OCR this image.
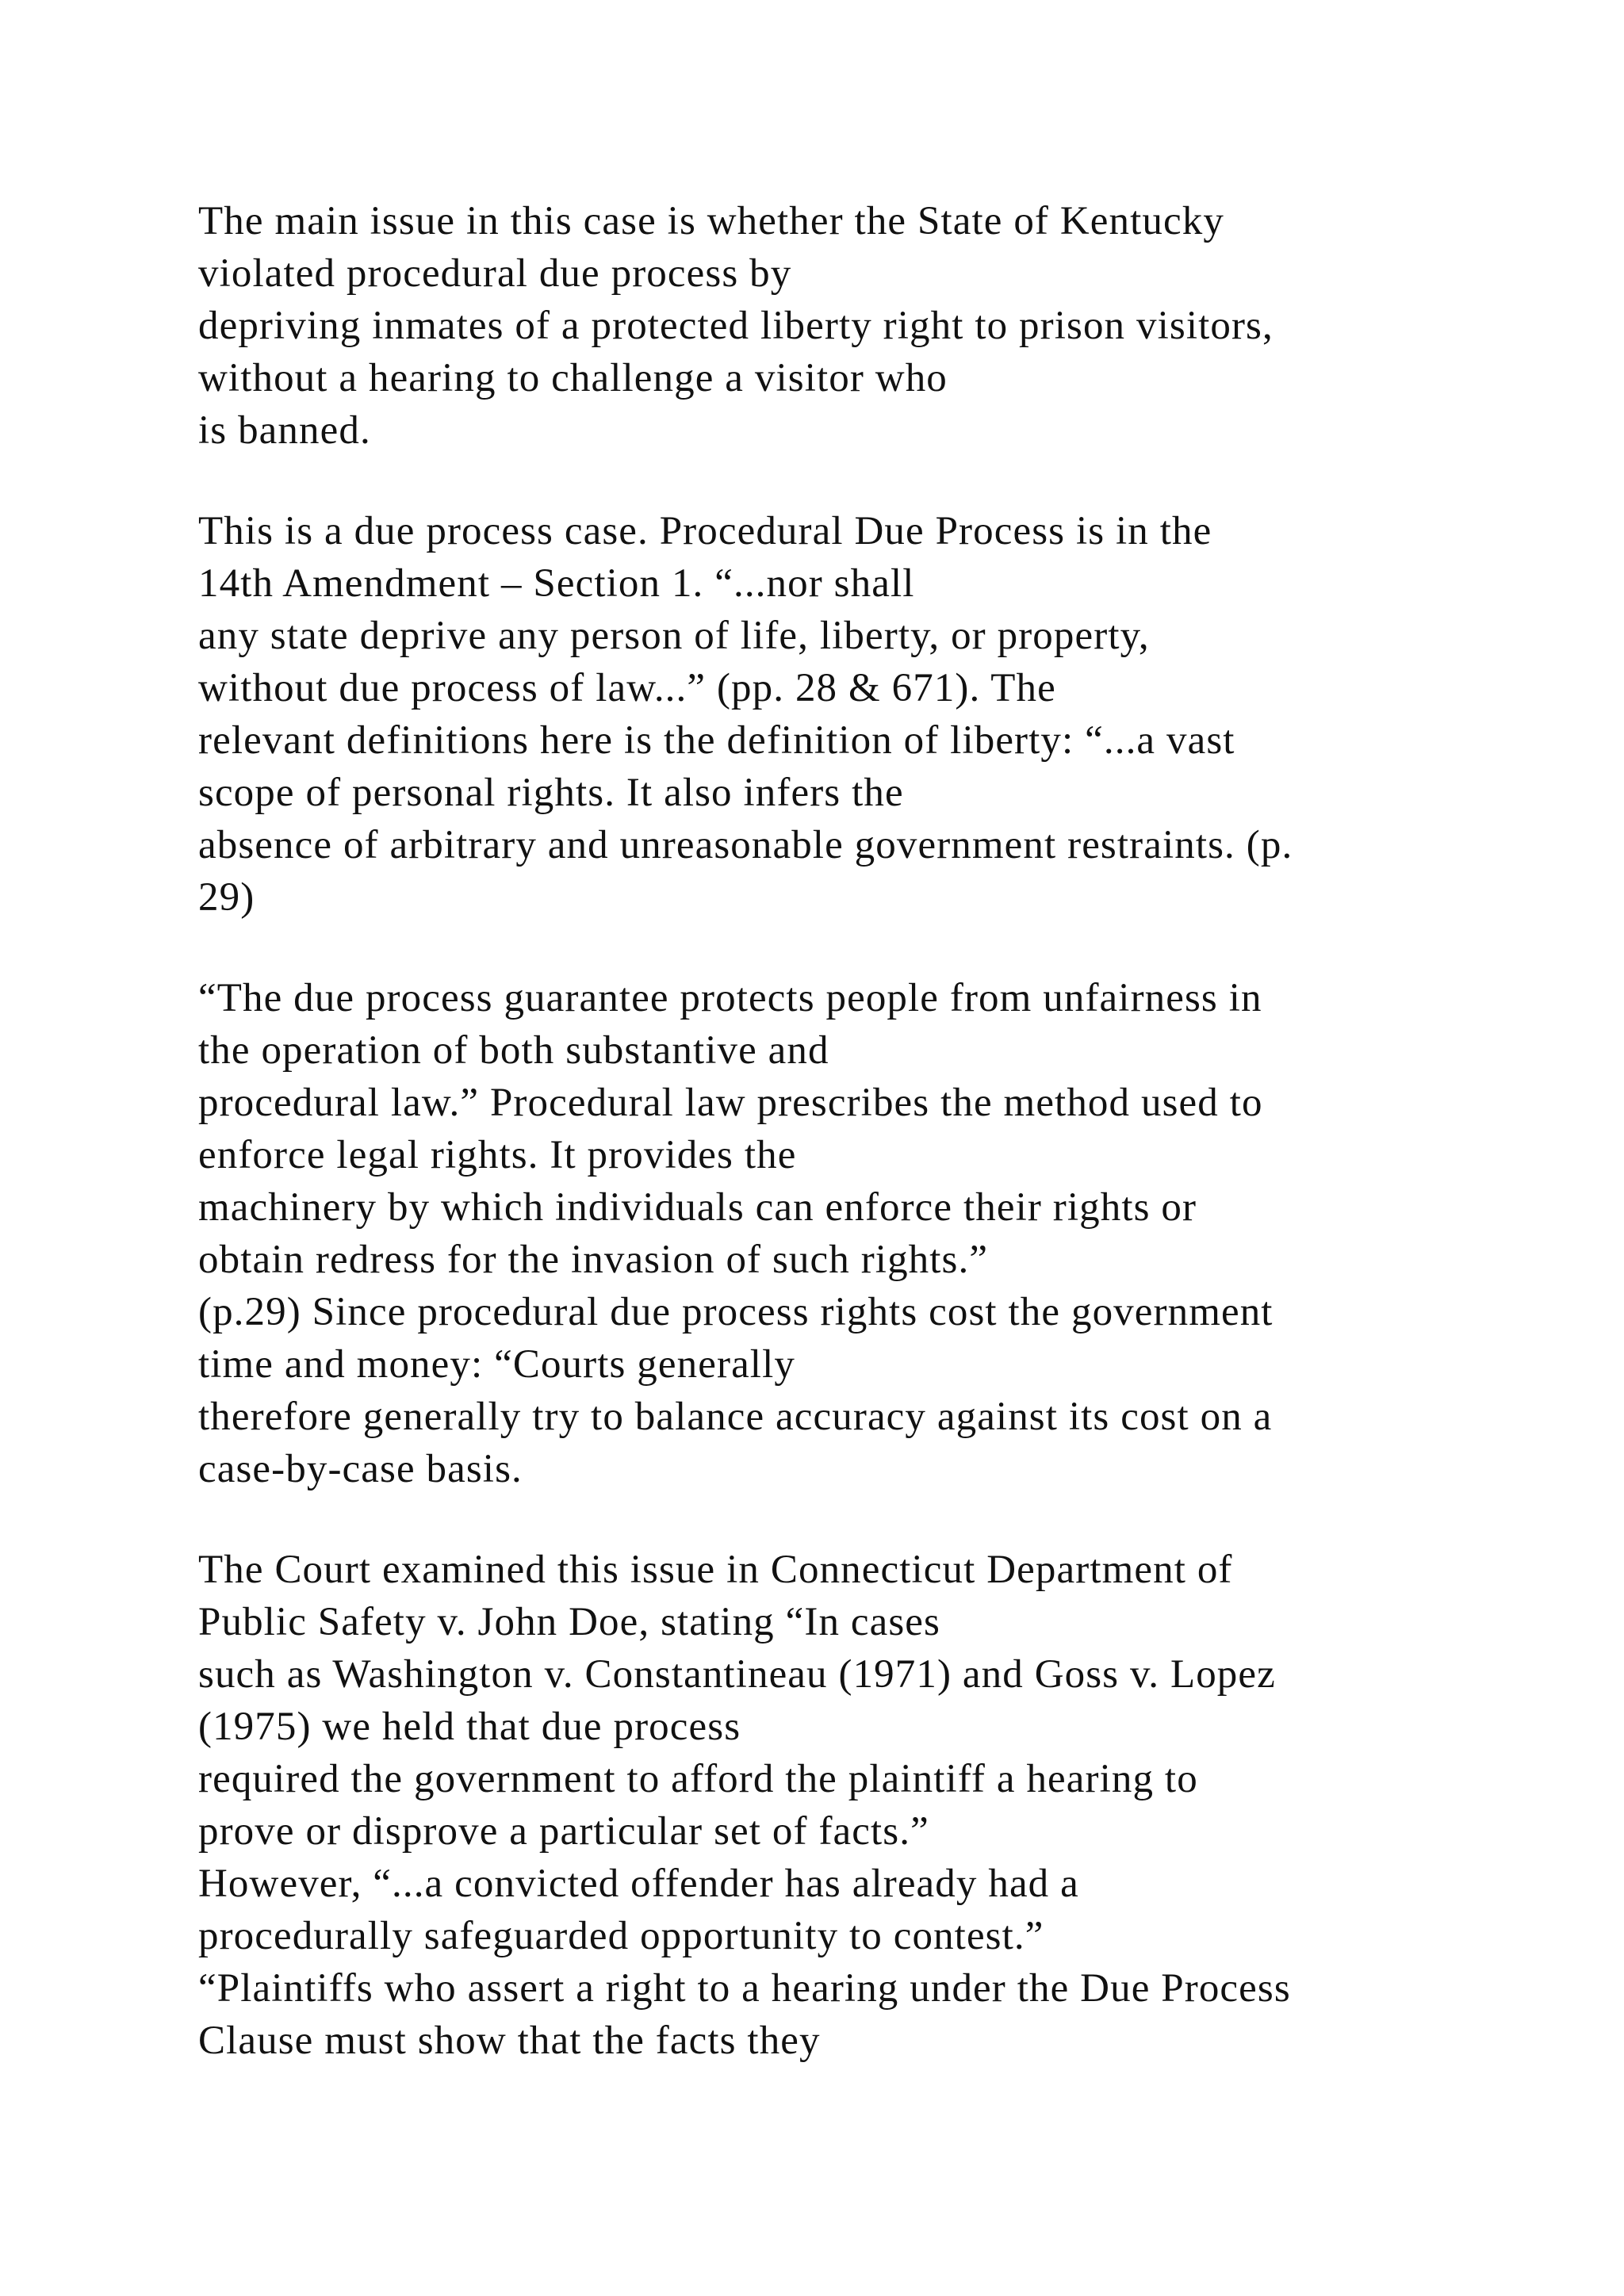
The main issue in this case is whether the State of Kentucky
violated procedural due process by
depriving inmates of a protected liberty right to prison visitors,
without a hearing to challenge a visitor who
is banned.
This is a due process case. Procedural Due Process is in the
14th Amendment – Section 1. “...nor shall
any state deprive any person of life, liberty, or property,
without due process of law...” (pp. 28 & 671). The
relevant definitions here is the definition of liberty: “...a vast
scope of personal rights. It also infers the
absence of arbitrary and unreasonable government restraints. (p.
29)
“The due process guarantee protects people from unfairness in
the operation of both substantive and
procedural law.” Procedural law prescribes the method used to
enforce legal rights. It provides the
machinery by which individuals can enforce their rights or
obtain redress for the invasion of such rights.”
(p.29) Since procedural due process rights cost the government
time and money: “Courts generally
therefore generally try to balance accuracy against its cost on a
case-by-case basis.
The Court examined this issue in Connecticut Department of
Public Safety v. John Doe, stating “In cases
such as Washington v. Constantineau (1971) and Goss v. Lopez
(1975) we held that due process
required the government to afford the plaintiff a hearing to
prove or disprove a particular set of facts.”
However, “...a convicted offender has already had a
procedurally safeguarded opportunity to contest.”
“Plaintiffs who assert a right to a hearing under the Due Process
Clause must show that the facts they
